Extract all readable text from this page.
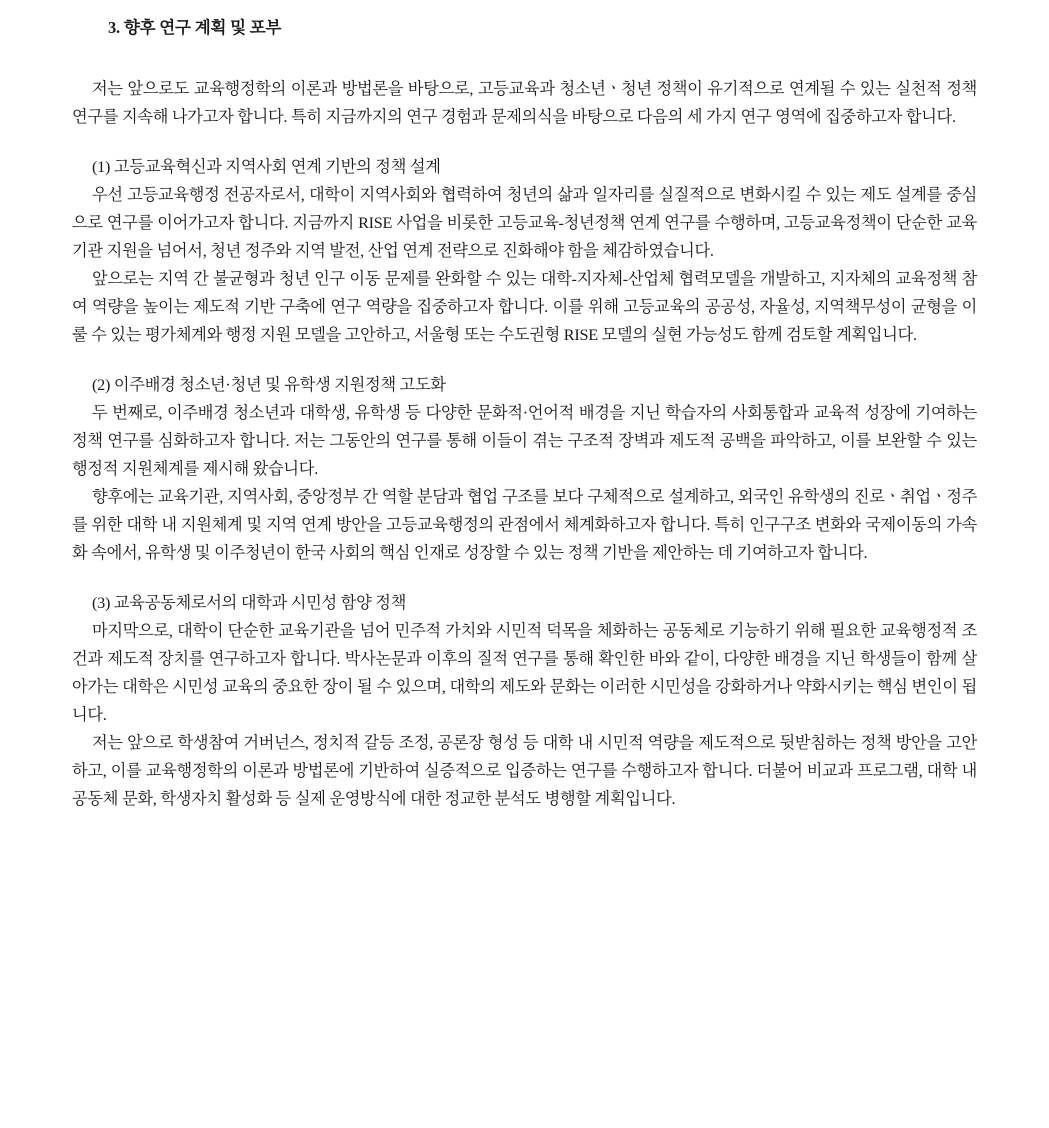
3. 향후 연구 계획 및 포부

저는 앞으로도 교육행정학의 이론과 방법론을 바탕으로, 고등교육과 청소년ㆍ청년 정책이 유기적으로 연계될 수 있는 실천적 정책연구를 지속해 나가고자 합니다. 특히 지금까지의 연구 경험과 문제의식을 바탕으로 다음의 세 가지 연구 영역에 집중하고자 합니다.

(1) 고등교육혁신과 지역사회 연계 기반의 정책 설계

우선 고등교육행정 전공자로서, 대학이 지역사회와 협력하여 청년의 삶과 일자리를 실질적으로 변화시킬 수 있는 제도 설계를 중심으로 연구를 이어가고자 합니다. 지금까지 RISE 사업을 비롯한 고등교육-청년정책 연계 연구를 수행하며, 고등교육정책이 단순한 교육기관 지원을 넘어서, 청년 정주와 지역 발전, 산업 연계 전략으로 진화해야 함을 체감하였습니다.

앞으로는 지역 간 불균형과 청년 인구 이동 문제를 완화할 수 있는 대학-지자체-산업체 협력모델을 개발하고, 지자체의 교육정책 참여 역량을 높이는 제도적 기반 구축에 연구 역량을 집중하고자 합니다. 이를 위해 고등교육의 공공성, 자율성, 지역책무성이 균형을 이룰 수 있는 평가체계와 행정 지원 모델을 고안하고, 서울형 또는 수도권형 RISE 모델의 실현 가능성도 함께 검토할 계획입니다.

(2) 이주배경 청소년·청년 및 유학생 지원정책 고도화

두 번째로, 이주배경 청소년과 대학생, 유학생 등 다양한 문화적·언어적 배경을 지닌 학습자의 사회통합과 교육적 성장에 기여하는 정책 연구를 심화하고자 합니다. 저는 그동안의 연구를 통해 이들이 겪는 구조적 장벽과 제도적 공백을 파악하고, 이를 보완할 수 있는 행정적 지원체계를 제시해 왔습니다.

향후에는 교육기관, 지역사회, 중앙정부 간 역할 분담과 협업 구조를 보다 구체적으로 설계하고, 외국인 유학생의 진로ㆍ취업ㆍ정주를 위한 대학 내 지원체계 및 지역 연계 방안을 고등교육행정의 관점에서 체계화하고자 합니다. 특히 인구구조 변화와 국제이동의 가속화 속에서, 유학생 및 이주청년이 한국 사회의 핵심 인재로 성장할 수 있는 정책 기반을 제안하는 데 기여하고자 합니다.

(3) 교육공동체로서의 대학과 시민성 함양 정책

마지막으로, 대학이 단순한 교육기관을 넘어 민주적 가치와 시민적 덕목을 체화하는 공동체로 기능하기 위해 필요한 교육행정적 조건과 제도적 장치를 연구하고자 합니다. 박사논문과 이후의 질적 연구를 통해 확인한 바와 같이, 다양한 배경을 지닌 학생들이 함께 살아가는 대학은 시민성 교육의 중요한 장이 될 수 있으며, 대학의 제도와 문화는 이러한 시민성을 강화하거나 약화시키는 핵심 변인이 됩니다.

저는 앞으로 학생참여 거버넌스, 정치적 갈등 조정, 공론장 형성 등 대학 내 시민적 역량을 제도적으로 뒷받침하는 정책 방안을 고안하고, 이를 교육행정학의 이론과 방법론에 기반하여 실증적으로 입증하는 연구를 수행하고자 합니다. 더불어 비교과 프로그램, 대학 내 공동체 문화, 학생자치 활성화 등 실제 운영방식에 대한 정교한 분석도 병행할 계획입니다.
